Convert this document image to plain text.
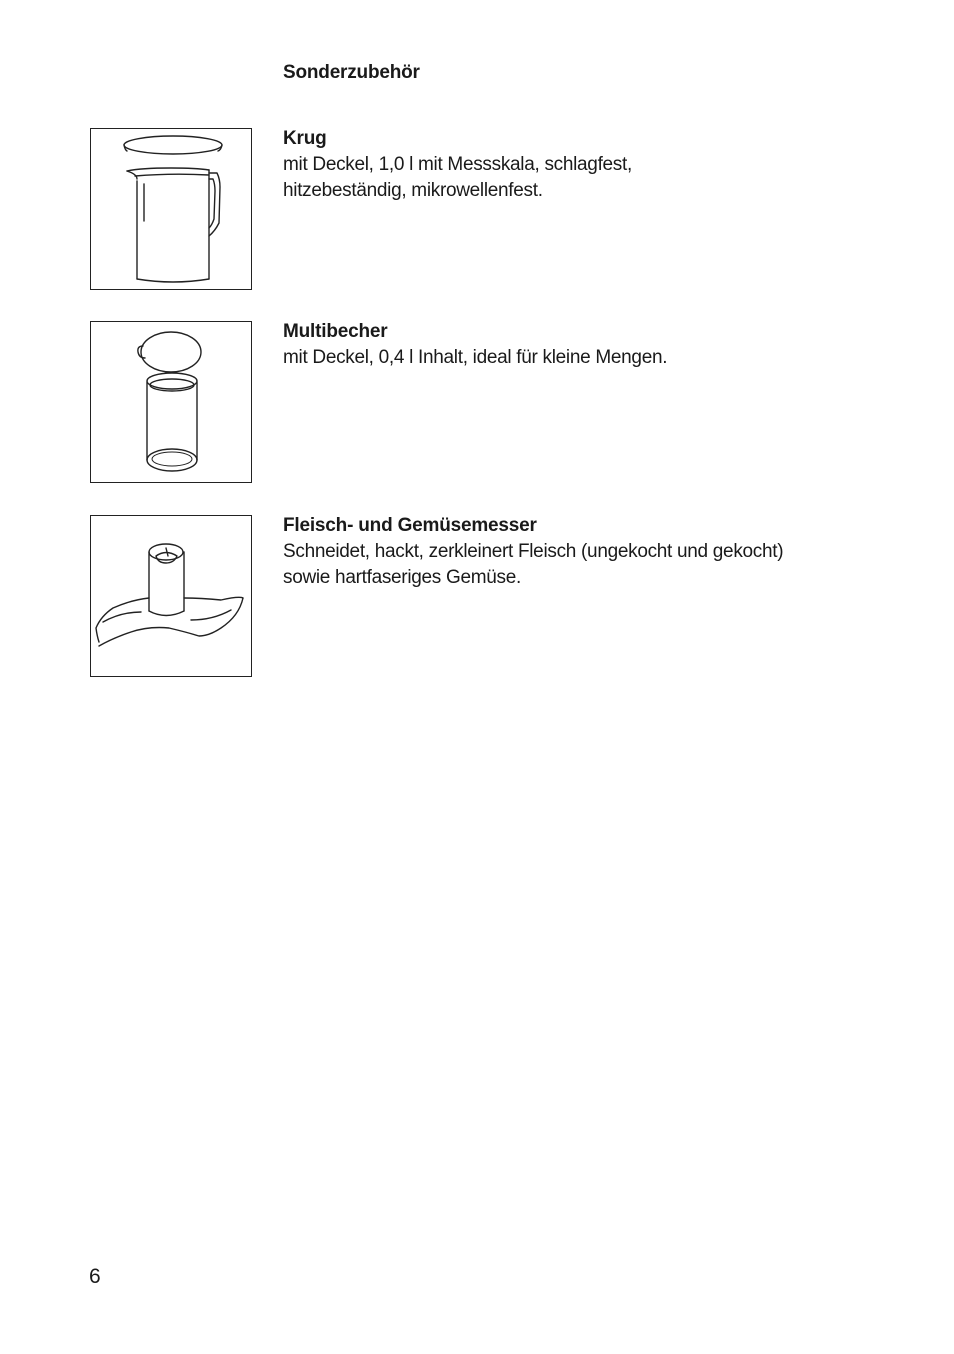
Sonderzubehör
Krug
mit Deckel, 1,0 l mit Messskala, schlagfest,
hitzebeständig, mikrowellenfest.
Multibecher
mit Deckel, 0,4 l Inhalt, ideal für kleine Mengen.
Fleisch- und Gemüsemesser
Schneidet, hackt, zerkleinert Fleisch (ungekocht und gekocht)
sowie hartfaseriges Gemüse.
6
